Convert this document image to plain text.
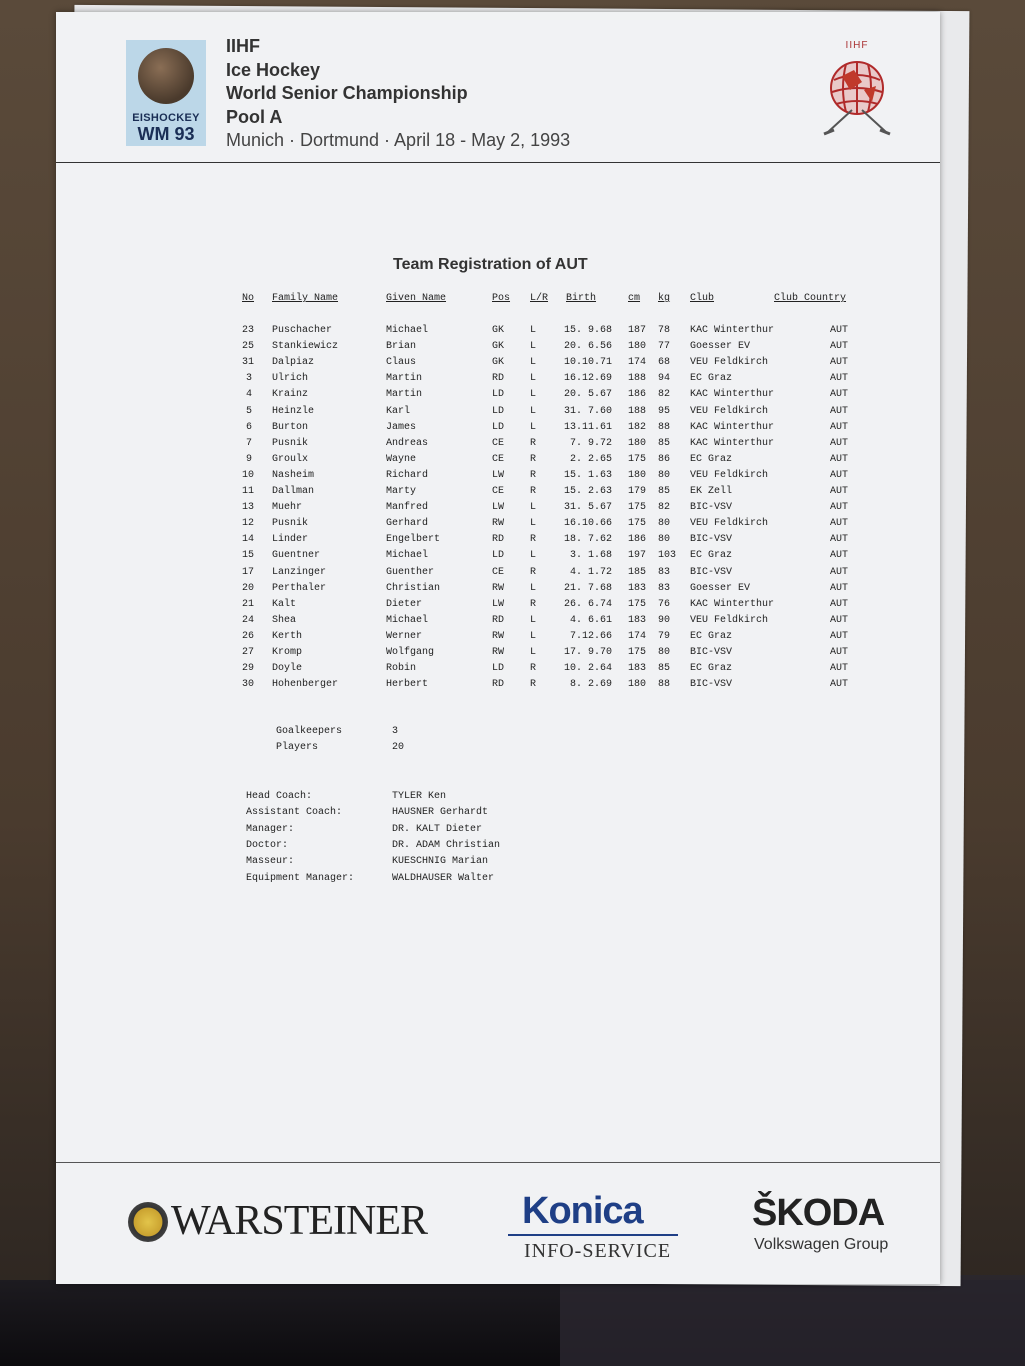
EISHOCKEY
WM 93
IIHF
Ice Hockey
World Senior Championship
Pool A
Munich · Dortmund · April 18 - May 2, 1993
IIHF
Team Registration of AUT
No Family Name	Given Name	Pos L/R Birth	cm kg Club	Club Country
23 Puschacher	Michael	GK	L	15. 9.68 187 78 KAC Winterthur	AUT
25 Stankiewicz	Brian	GK	L	20. 6.56 180 77 Goesser EV	AUT
31 Dalpiaz	Claus	GK	L	10.10.71 174 68 VEU Feldkirch	AUT
3 Ulrich	Martin	RD	L	16.12.69 188 94 EC Graz	AUT
4 Krainz	Martin	LD	L	20. 5.67 186 82 KAC Winterthur	AUT
5 Heinzle	Karl	LD	L	31. 7.60 188 95 VEU Feldkirch	AUT
6 Burton	James	LD	L	13.11.61 182 88 KAC Winterthur	AUT
7 Pusnik	Andreas	CE	R	7. 9.72 180 85 KAC Winterthur	AUT
9 Groulx	Wayne	CE	R	2. 2.65 175 86 EC Graz	AUT
10 Nasheim	Richard	LW	R	15. 1.63 180 80 VEU Feldkirch	AUT
11 Dallman	Marty	CE	R	15. 2.63 179 85 EK Zell	AUT
13 Muehr	Manfred	LW	L	31. 5.67 175 82 BIC-VSV	AUT
12 Pusnik	Gerhard	RW	L	16.10.66 175 80 VEU Feldkirch	AUT
14 Linder	Engelbert	RD	R	18. 7.62 186 80 BIC-VSV	AUT
15 Guentner	Michael	LD	L	3. 1.68 197 103 EC Graz	AUT
17 Lanzinger	Guenther	CE	R	4. 1.72 185 83 BIC-VSV	AUT
20 Perthaler	Christian	RW	L	21. 7.68 183 83 Goesser EV	AUT
21 Kalt	Dieter	LW	R	26. 6.74 175 76 KAC Winterthur	AUT
24 Shea	Michael	RD	L	4. 6.61 183 90 VEU Feldkirch	AUT
26 Kerth	Werner	RW	L	7.12.66 174 79 EC Graz	AUT
27 Kromp	Wolfgang	RW	L	17. 9.70 175 80 BIC-VSV	AUT
29 Doyle	Robin	LD	R	10. 2.64 183 85 EC Graz	AUT
30 Hohenberger	Herbert	RD	R	8. 2.69 180 88 BIC-VSV	AUT
Goalkeepers	3
Players	20
Head Coach:	TYLER Ken
Assistant Coach:	HAUSNER Gerhardt
Manager:	DR. KALT Dieter
Doctor:	DR. ADAM Christian
Masseur:	KUESCHNIG Marian
Equipment Manager:	WALDHAUSER Walter
WARSTEINER	Konica
INFO-SERVICE
ŠKODA
Volkswagen Group
